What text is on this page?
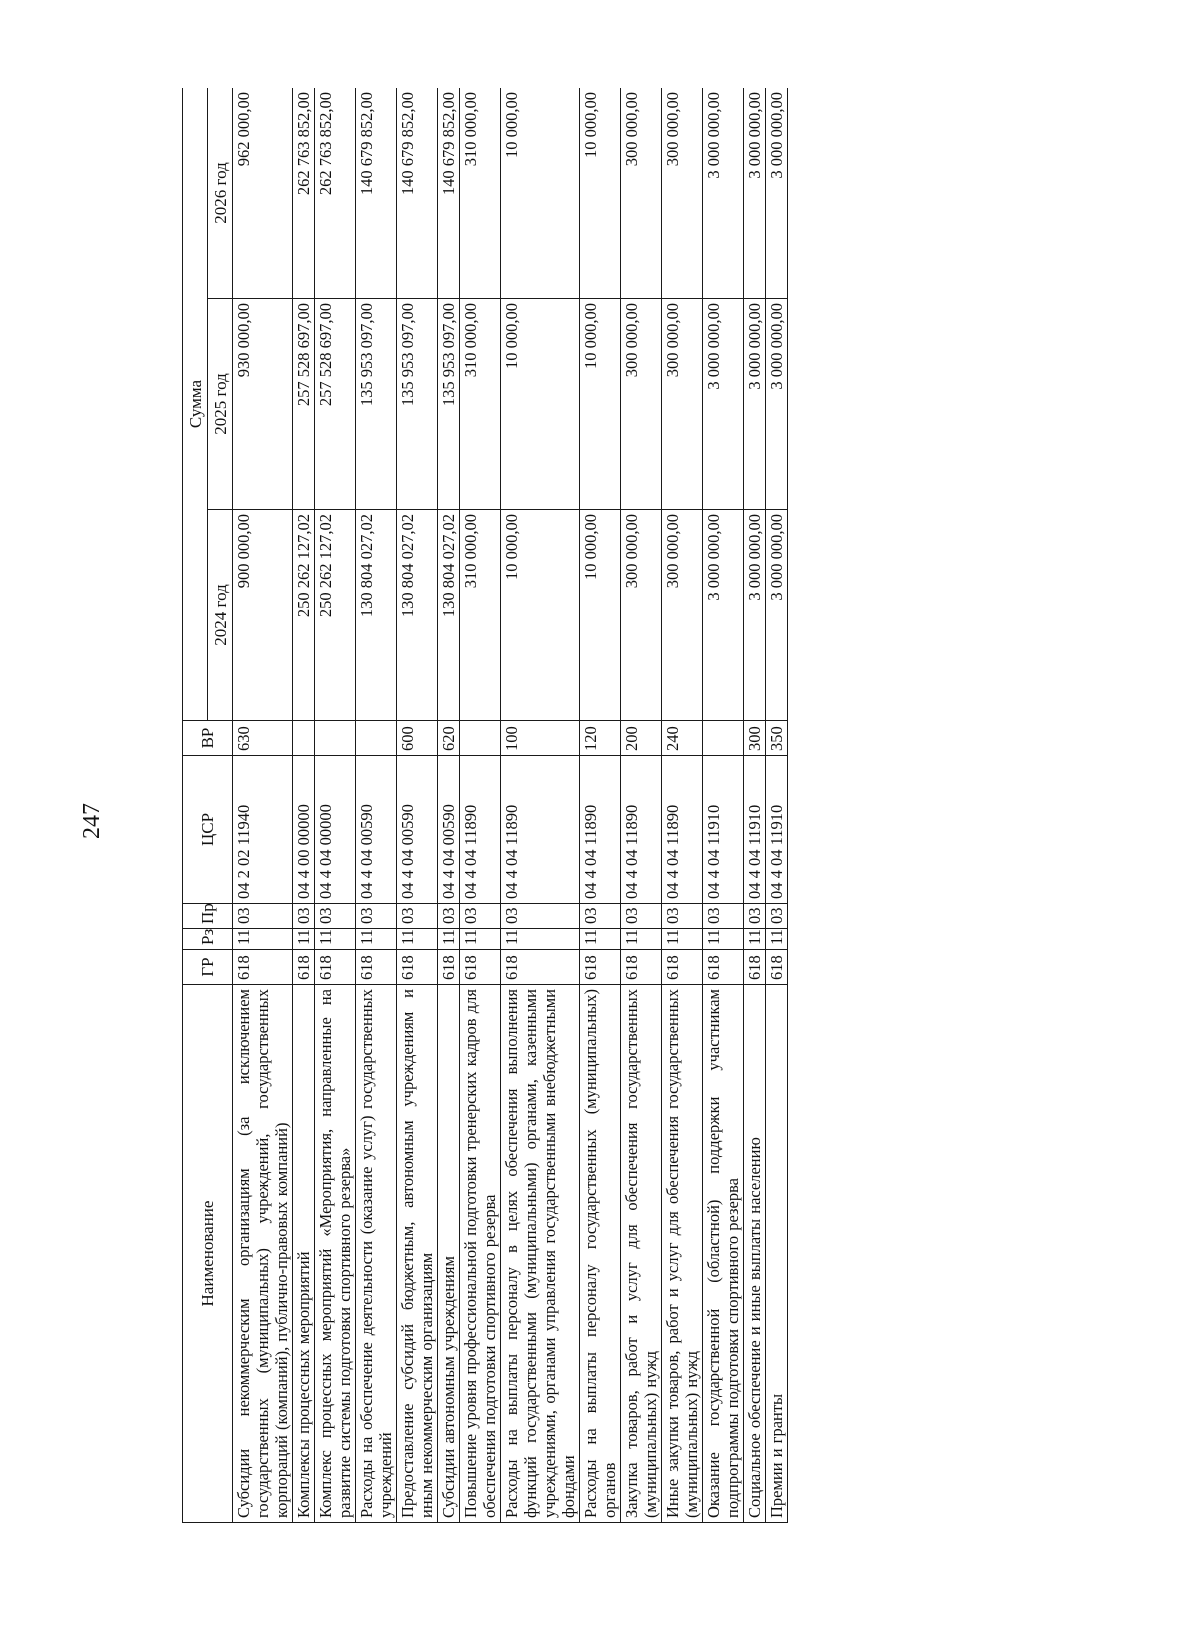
247
Наименование	ГР	Рз	Пр	ЦСР	ВР	Сумма		
						2024 год	2025 год	2026 год
Субсидии некоммерческим организациям (за исключением государственных (муниципальных) учреждений, государственных корпораций (компаний), публично-правовых компаний)	618	11	03	04 2 02 11940	630	900 000,00	930 000,00	962 000,00
Комплексы процессных мероприятий	618	11	03	04 4 00 00000		250 262 127,02	257 528 697,00	262 763 852,00
Комплекс процессных мероприятий «Мероприятия, направленные на развитие системы подготовки спортивного резерва»	618	11	03	04 4 04 00000		250 262 127,02	257 528 697,00	262 763 852,00
Расходы на обеспечение деятельности (оказание услуг) государственных учреждений	618	11	03	04 4 04 00590		130 804 027,02	135 953 097,00	140 679 852,00
Предоставление субсидий бюджетным, автономным учреждениям и иным некоммерческим организациям	618	11	03	04 4 04 00590	600	130 804 027,02	135 953 097,00	140 679 852,00
Субсидии автономным учреждениям	618	11	03	04 4 04 00590	620	130 804 027,02	135 953 097,00	140 679 852,00
Повышение уровня профессиональной подготовки тренерских кадров для обеспечения подготовки спортивного резерва	618	11	03	04 4 04 11890		310 000,00	310 000,00	310 000,00
Расходы на выплаты персоналу в целях обеспечения выполнения функций государственными (муниципальными) органами, казенными учреждениями, органами управления государственными внебюджетными фондами	618	11	03	04 4 04 11890	100	10 000,00	10 000,00	10 000,00
Расходы на выплаты персоналу государственных (муниципальных) органов	618	11	03	04 4 04 11890	120	10 000,00	10 000,00	10 000,00
Закупка товаров, работ и услуг для обеспечения государственных (муниципальных) нужд	618	11	03	04 4 04 11890	200	300 000,00	300 000,00	300 000,00
Иные закупки товаров, работ и услуг для обеспечения государственных (муниципальных) нужд	618	11	03	04 4 04 11890	240	300 000,00	300 000,00	300 000,00
Оказание государственной (областной) поддержки участникам подпрограммы подготовки спортивного резерва	618	11	03	04 4 04 11910		3 000 000,00	3 000 000,00	3 000 000,00
Социальное обеспечение и иные выплаты населению	618	11	03	04 4 04 11910	300	3 000 000,00	3 000 000,00	3 000 000,00
Премии и гранты	618	11	03	04 4 04 11910	350	3 000 000,00	3 000 000,00	3 000 000,00
